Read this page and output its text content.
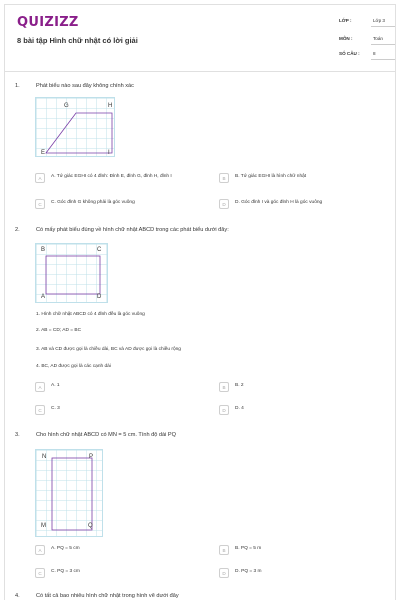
QUIZIZZ
8 bài tập Hình chữ nhật có lời giải
LỚP :	Lớp 3
MÔN :	Toán
SỐ CÂU :	8
1.	Phát biểu nào sau đây không chính xác
G	H
E	I
A	A. Tứ giác EGHI có 4 đỉnh: Đỉnh E, đỉnh G, đỉnh H, đỉnh I	B	B. Tứ giác EGHI là hình chữ nhật
C	C. Góc đỉnh G không phải là góc vuông	D	D. Góc đỉnh I và góc đỉnh H là góc vuông
2.	Có mấy phát biểu đúng về hình chữ nhật ABCD trong các phát biểu dưới đây:
B	C
A	D
1. Hình chữ nhật ABCD có 4 đỉnh đều là góc vuông
2. AB = CD; AD = BC
3. AB và CD được gọi là chiều dài, BC và AD được gọi là chiều rộng
4. BC, AD được gọi là các cạnh dài
A	A. 1	B	B. 2
C	C. 3	D	D. 4
3.	Cho hình chữ nhật ABCD có MN = 5 cm. Tính độ dài PQ
N	P
M	Q
A	A. PQ = 5 cm	B	B. PQ = 5 m
C	C. PQ = 3 cm	D	D. PQ = 3 m
4.	Có tất cả bao nhiêu hình chữ nhật trong hình vẽ dưới đây
